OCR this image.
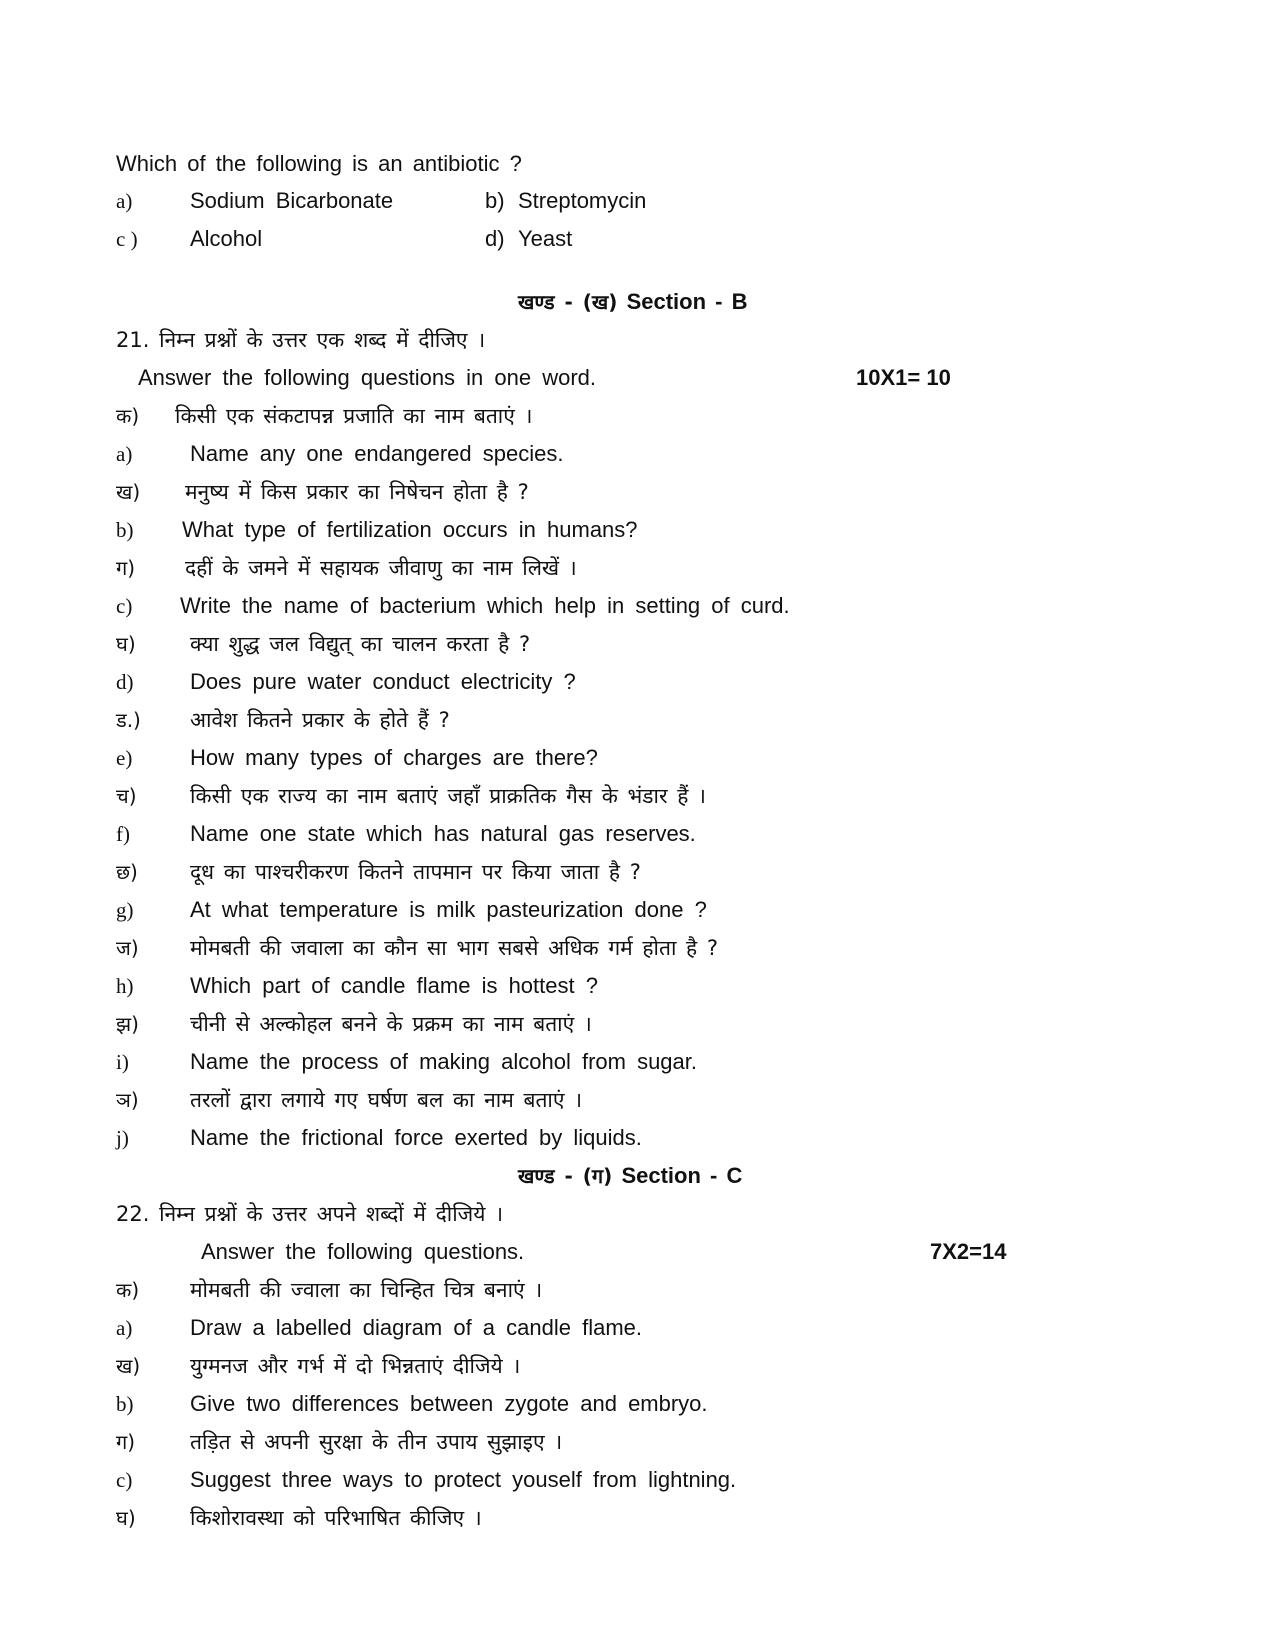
Which of the following is an antibiotic ?
a)	Sodium Bicarbonate	b) Streptomycin
c ) Alcohol	d) Yeast
खण्ड - (ख) Section - B
21. निम्न प्रश्नों के उत्तर एक शब्द में दीजिए ।
Answer the following questions in one word.	10X1= 10
क) किसी एक संकटापन्न प्रजाति का नाम बताएं ।
a)	Name any one endangered species.
ख) मनुष्य में किस प्रकार का निषेचन होता है ?
b) What type of fertilization occurs in humans?
ग) दहीं के जमने में सहायक जीवाणु का नाम लिखें ।
c) Write the name of bacterium which help in setting of curd.
घ)	क्या शुद्ध जल विद्युत् का चालन करता है ?
d)	Does pure water conduct electricity ?
ड.) आवेश कितने प्रकार के होते हैं ?
e)	How many types of charges are there?
च)	किसी एक राज्य का नाम बताएं जहाँ प्राक्रतिक गैस के भंडार हैं ।
f)	Name one state which has natural gas reserves.
छ) दूध का पाश्चरीकरण कितने तापमान पर किया जाता है ?
g)	At what temperature is milk pasteurization done ?
ज) मोमबती की जवाला का कौन सा भाग सबसे अधिक गर्म होता है ?
h)	Which part of candle flame is hottest ?
झ) चीनी से अल्कोहल बनने के प्रक्रम का नाम बताएं ।
i)	Name the process of making alcohol from sugar.
ञ) तरलों द्वारा लगाये गए घर्षण बल का नाम बताएं ।
j)	Name the frictional force exerted by liquids.
खण्ड - (ग) Section - C
22. निम्न प्रश्नों के उत्तर अपने शब्दों में दीजिये ।
Answer the following questions.	7X2=14
क) मोमबती की ज्वाला का चिन्हित चित्र बनाएं ।
a)	Draw a labelled diagram of a candle flame.
ख) युग्मनज और गर्भ में दो भिन्नताएं दीजिये ।
b)	Give two differences between zygote and embryo.
ग)	तड़ित से अपनी सुरक्षा के तीन उपाय सुझाइए ।
c)	Suggest three ways to protect youself from lightning.
घ)	किशोरावस्था को परिभाषित कीजिए ।
